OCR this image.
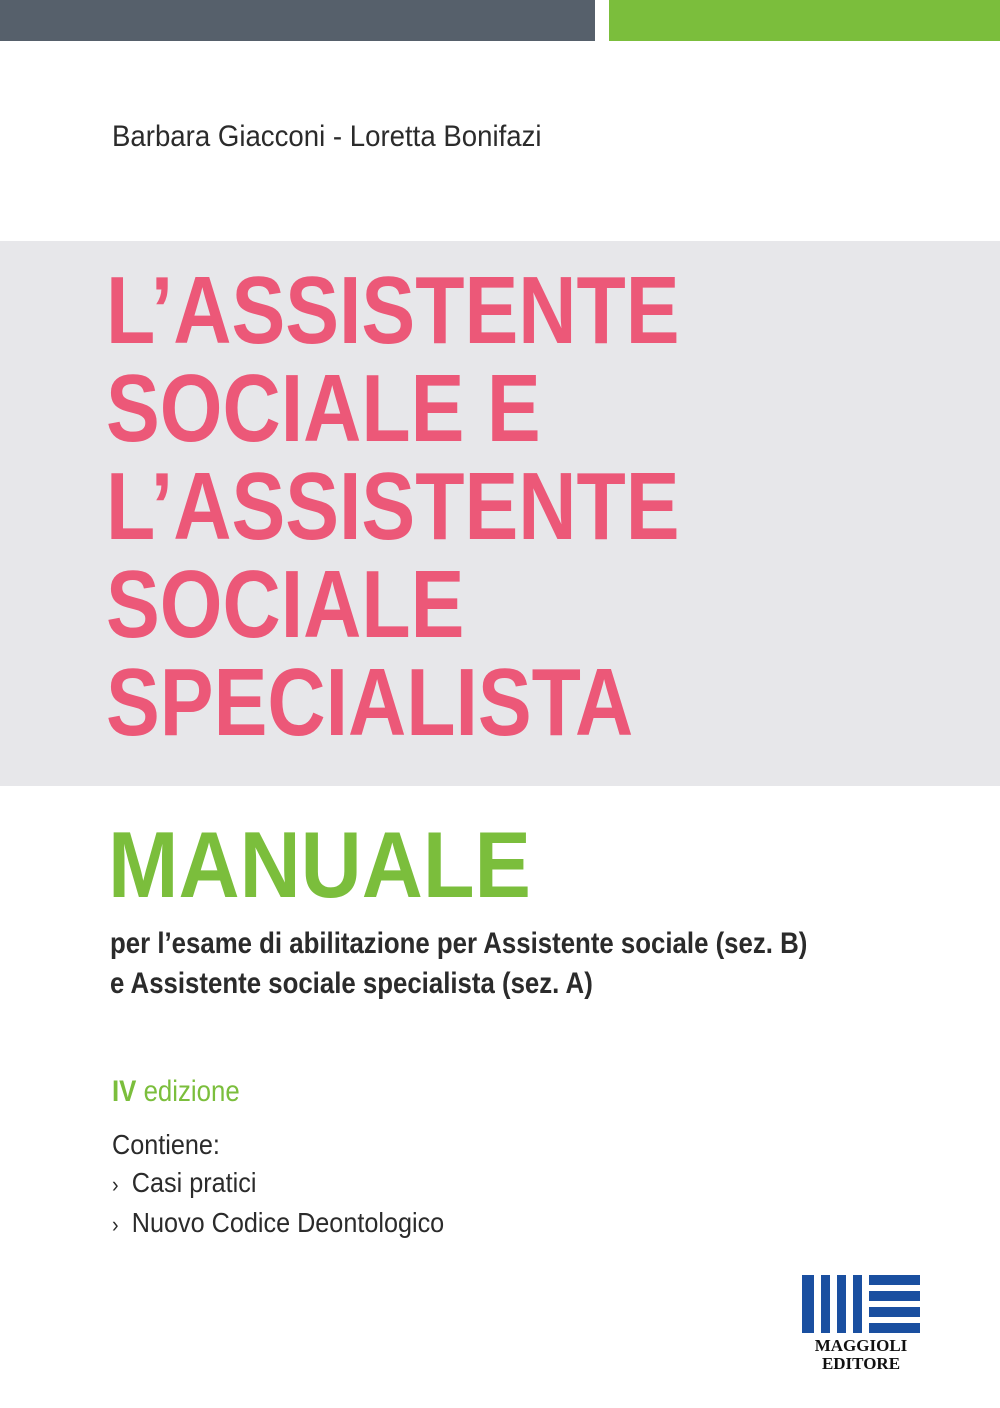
Barbara Giacconi - Loretta Bonifazi
L’ASSISTENTE
SOCIALE E
L’ASSISTENTE
SOCIALE
SPECIALISTA
MANUALE
per l’esame di abilitazione per Assistente sociale (sez. B)
e Assistente sociale specialista (sez. A)
IV edizione
Contiene:
› Casi pratici
› Nuovo Codice Deontologico
MAGGIOLI
EDITORE
